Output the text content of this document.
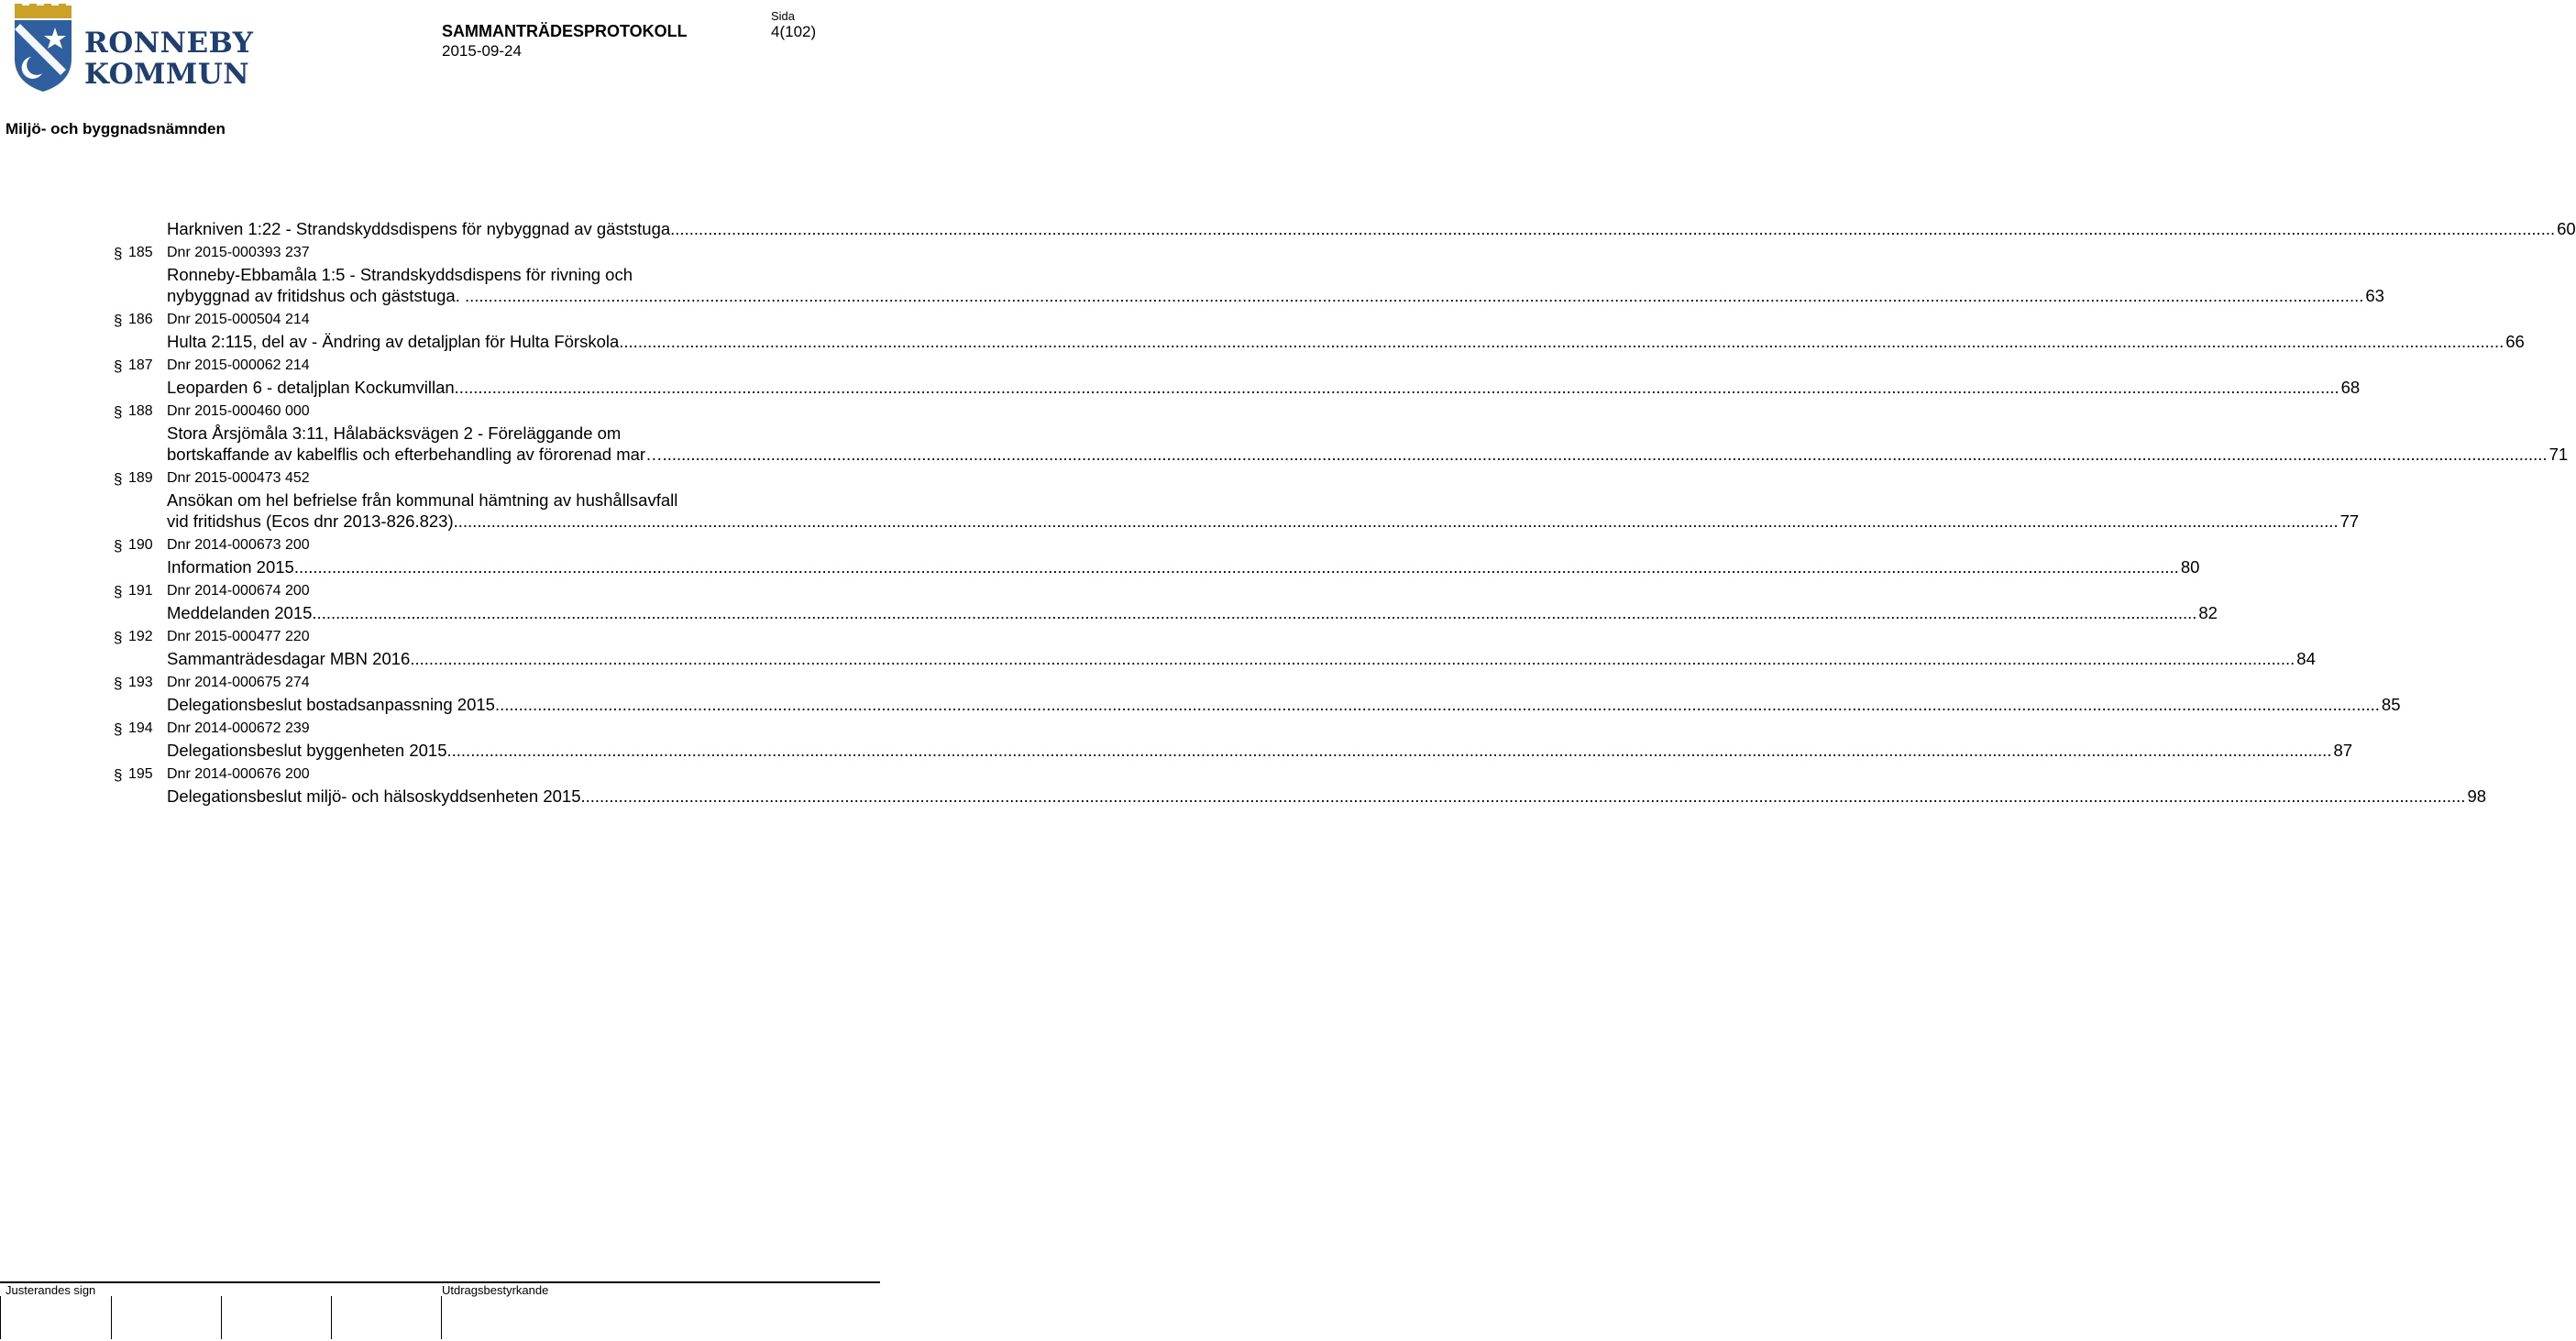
RONNEBY
KOMMUN
SAMMANTRÄDESPROTOKOLL
2015-09-24
Sida
4(102)
Miljö- och byggnadsnämnden
Harkniven 1:22 - Strandskyddsdispens för nybyggnad av gäststuga ................................................................................................................................................................................................................................................................................................................................................................................................................ 60
§ 185 Dnr 2015-000393 237
Ronneby-Ebbamåla 1:5 - Strandskyddsdispens för rivning och
nybyggnad av fritidshus och gäststuga. ... ................................................................................................................................................................................................................................................................................................................................................................................................................ 63
§ 186 Dnr 2015-000504 214
Hulta 2:115, del av - Ändring av detaljplan för Hulta Förskola ................................................................................................................................................................................................................................................................................................................................................................................................................ 66
§ 187 Dnr 2015-000062 214
Leoparden 6 - detaljplan Kockumvillan ................................................................................................................................................................................................................................................................................................................................................................................................................ 68
§ 188 Dnr 2015-000460 000
Stora Årsjömåla 3:11, Hålabäcksvägen 2 - Föreläggande om
bortskaffande av kabelflis och efterbehandling av förorenad mar… ................................................................................................................................................................................................................................................................................................................................................................................................................ 71
§ 189 Dnr 2015-000473 452
Ansökan om hel befrielse från kommunal hämtning av hushållsavfall
vid fritidshus (Ecos dnr 2013-826.823) ................................................................................................................................................................................................................................................................................................................................................................................................................ 77
§ 190 Dnr 2014-000673 200
Information 2015 ................................................................................................................................................................................................................................................................................................................................................................................................................ 80
§ 191 Dnr 2014-000674 200
Meddelanden 2015 ................................................................................................................................................................................................................................................................................................................................................................................................................ 82
§ 192 Dnr 2015-000477 220
Sammanträdesdagar MBN 2016 ................................................................................................................................................................................................................................................................................................................................................................................................................ 84
§ 193 Dnr 2014-000675 274
Delegationsbeslut bostadsanpassning 2015 ................................................................................................................................................................................................................................................................................................................................................................................................................ 85
§ 194 Dnr 2014-000672 239
Delegationsbeslut byggenheten 2015 ................................................................................................................................................................................................................................................................................................................................................................................................................ 87
§ 195 Dnr 2014-000676 200
Delegationsbeslut miljö- och hälsoskyddsenheten 2015 ................................................................................................................................................................................................................................................................................................................................................................................................................ 98
Justerandes sign	Utdragsbestyrkande
